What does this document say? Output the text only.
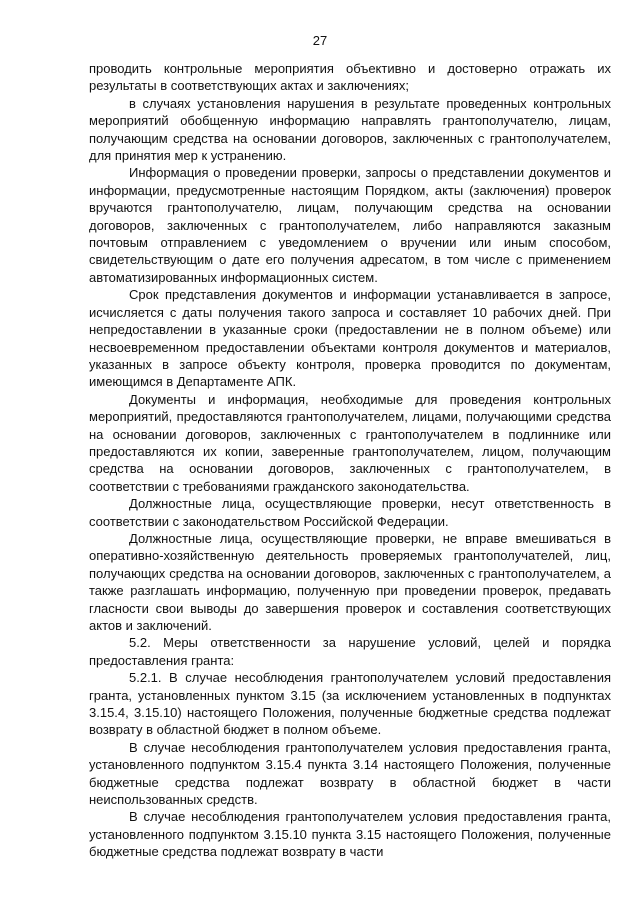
27

проводить контрольные мероприятия объективно и достоверно отражать их результаты в соответствующих актах и заключениях;

в случаях установления нарушения в результате проведенных контрольных мероприятий обобщенную информацию направлять грантополучателю, лицам, получающим средства на основании договоров, заключенных с грантополучателем, для принятия мер к устранению.

Информация о проведении проверки, запросы о представлении документов и информации, предусмотренные настоящим Порядком, акты (заключения) проверок вручаются грантополучателю, лицам, получающим средства на основании договоров, заключенных с грантополучателем, либо направляются заказным почтовым отправлением с уведомлением о вручении или иным способом, свидетельствующим о дате его получения адресатом, в том числе с применением автоматизированных информационных систем.

Срок представления документов и информации устанавливается в запросе, исчисляется с даты получения такого запроса и составляет 10 рабочих дней. При непредоставлении в указанные сроки (предоставлении не в полном объеме) или несвоевременном предоставлении объектами контроля документов и материалов, указанных в запросе объекту контроля, проверка проводится по документам, имеющимся в Департаменте АПК.

Документы и информация, необходимые для проведения контрольных мероприятий, предоставляются грантополучателем, лицами, получающими средства на основании договоров, заключенных с грантополучателем в подлиннике или предоставляются их копии, заверенные грантополучателем, лицом, получающим средства на основании договоров, заключенных с грантополучателем, в соответствии с требованиями гражданского законодательства.

Должностные лица, осуществляющие проверки, несут ответственность в соответствии с законодательством Российской Федерации.

Должностные лица, осуществляющие проверки, не вправе вмешиваться в оперативно-хозяйственную деятельность проверяемых грантополучателей, лиц, получающих средства на основании договоров, заключенных с грантополучателем, а также разглашать информацию, полученную при проведении проверок, предавать гласности свои выводы до завершения проверок и составления соответствующих актов и заключений.

5.2. Меры ответственности за нарушение условий, целей и порядка предоставления гранта:

5.2.1. В случае несоблюдения грантополучателем условий предоставления гранта, установленных пунктом 3.15 (за исключением установленных в подпунктах 3.15.4, 3.15.10) настоящего Положения, полученные бюджетные средства подлежат возврату в областной бюджет в полном объеме.

В случае несоблюдения грантополучателем условия предоставления гранта, установленного подпунктом 3.15.4 пункта 3.14 настоящего Положения, полученные бюджетные средства подлежат возврату в областной бюджет в части неиспользованных средств.

В случае несоблюдения грантополучателем условия предоставления гранта, установленного подпунктом 3.15.10 пункта 3.15 настоящего Положения, полученные бюджетные средства подлежат возврату в части
